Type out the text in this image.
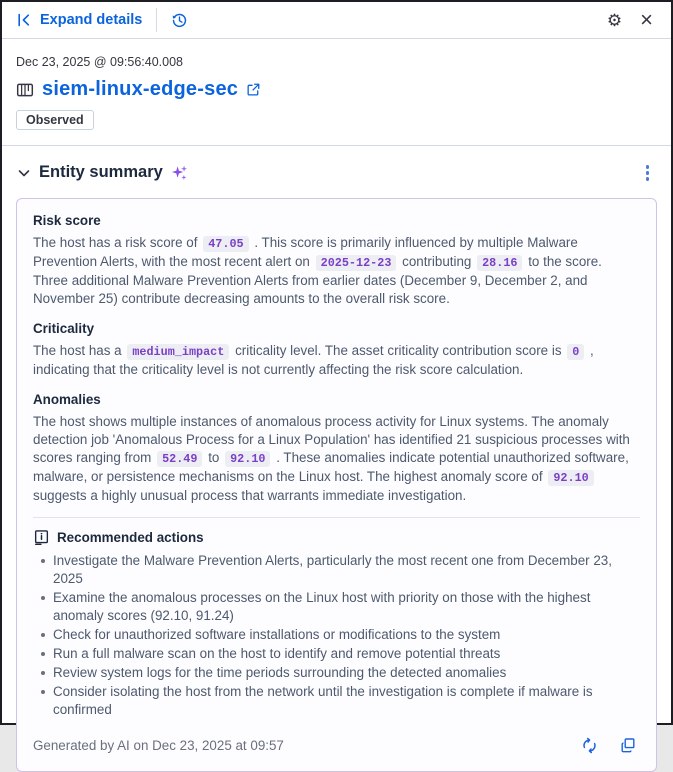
Expand details	⚙ ×
Dec 23, 2025 @ 09:56:40.008
siem-linux-edge-sec
Observed
Entity summary
Risk score

The host has a risk score of 47.05 . This score is primarily influenced by multiple Malware Prevention Alerts, with the most recent alert on 2025-12-23 contributing 28.16 to the score. Three additional Malware Prevention Alerts from earlier dates (December 9, December 2, and November 25) contribute decreasing amounts to the overall risk score.

Criticality

The host has a medium_impact criticality level. The asset criticality contribution score is 0 , indicating that the criticality level is not currently affecting the risk score calculation.

Anomalies

The host shows multiple instances of anomalous process activity for Linux systems. The anomaly detection job 'Anomalous Process for a Linux Population' has identified 21 suspicious processes with scores ranging from 52.49 to 92.10 . These anomalies indicate potential unauthorized software, malware, or persistence mechanisms on the Linux host. The highest anomaly score of 92.10 suggests a highly unusual process that warrants immediate investigation.

Recommended actions
Investigate the Malware Prevention Alerts, particularly the most recent one from December 23, 2025
Examine the anomalous processes on the Linux host with priority on those with the highest anomaly scores (92.10, 91.24)
Check for unauthorized software installations or modifications to the system
Run a full malware scan on the host to identify and remove potential threats
Review system logs for the time periods surrounding the detected anomalies
Consider isolating the host from the network until the investigation is complete if malware is confirmed
Generated by AI on Dec 23, 2025 at 09:57
